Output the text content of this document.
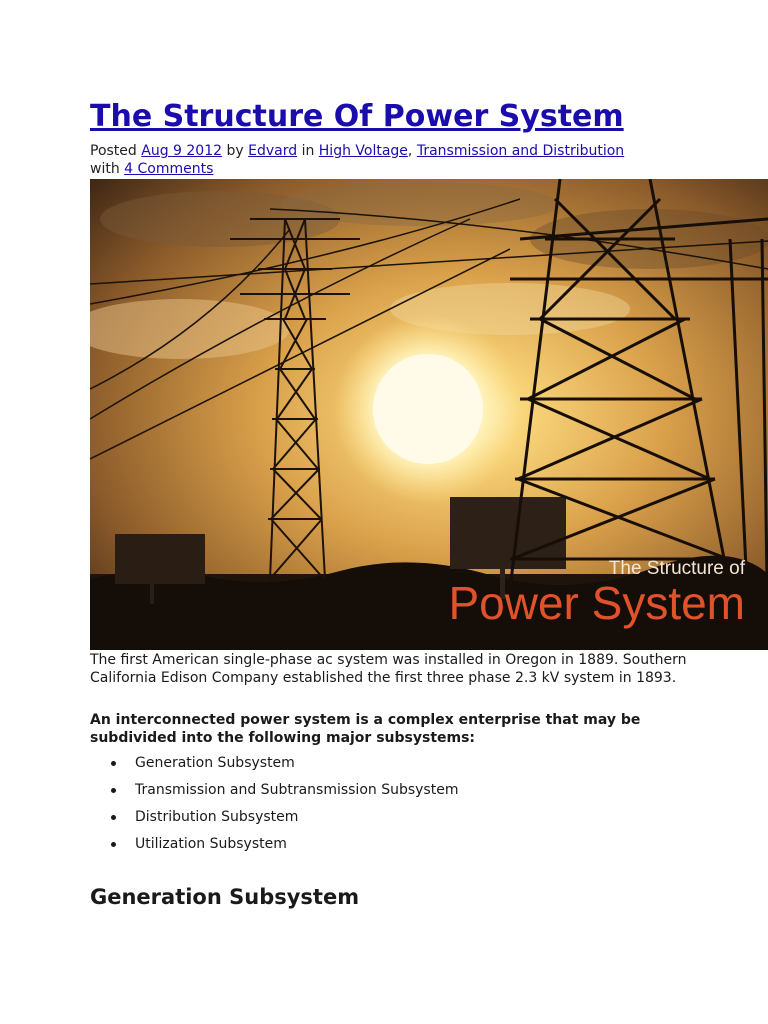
The Structure Of Power System
Posted Aug 9 2012 by Edvard in High Voltage, Transmission and Distribution
with 4 Comments
The Structure of
Power System

The first American single-phase ac system was installed in Oregon in 1889. Southern California Edison Company established the first three phase 2.3 kV system in 1893.

An interconnected power system is a complex enterprise that may be subdivided into the following major subsystems:

Generation Subsystem
Transmission and Subtransmission Subsystem
Distribution Subsystem
Utilization Subsystem
Generation Subsystem
